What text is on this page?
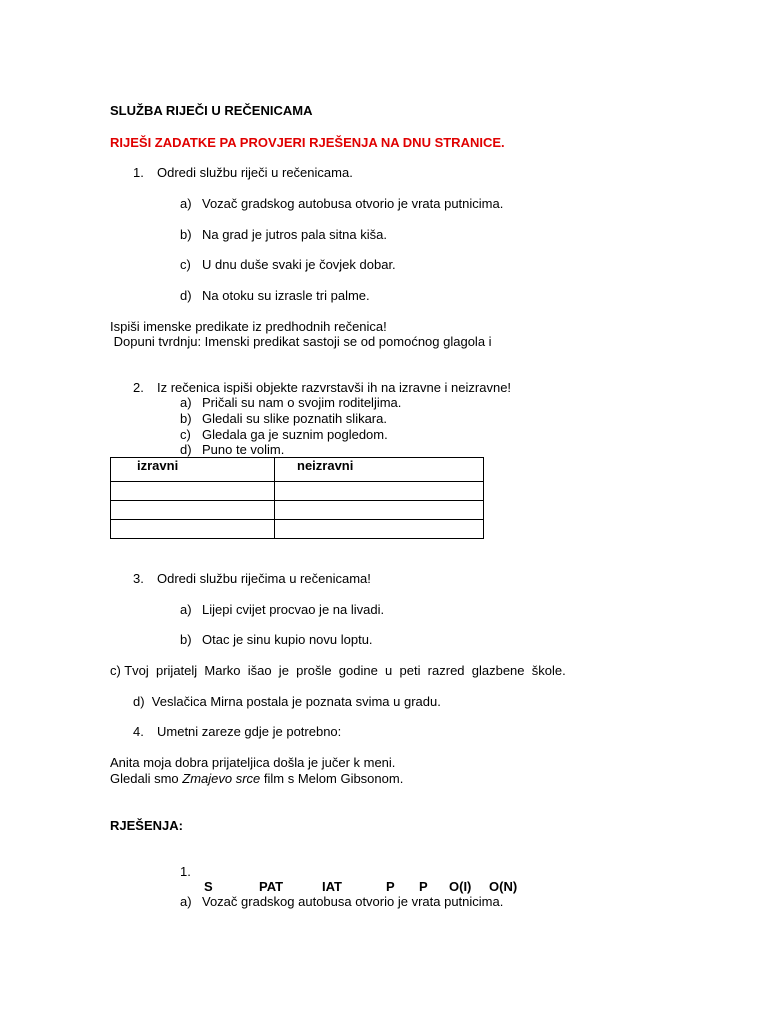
SLUŽBA RIJEČI U REČENICAMA
RIJEŠI ZADATKE PA PROVJERI RJEŠENJA NA DNU STRANICE.
1. Odredi službu riječi u rečenicama.
a) Vozač gradskog autobusa otvorio je vrata putnicima.
b) Na grad je jutros pala sitna kiša.
c) U dnu duše svaki je čovjek dobar.
d) Na otoku su izrasle tri palme.
Ispiši imenske predikate iz predhodnih rečenica!
Dopuni tvrdnju: Imenski predikat sastoji se od pomoćnog glagola i
2. Iz rečenica ispiši objekte razvrstavši ih na izravne i neizravne!
a) Pričali su nam o svojim roditeljima.
b) Gledali su slike poznatih slikara.
c) Gledala ga je suznim pogledom.
d) Puno te volim.
izravni	neizravni

3. Odredi službu riječima u rečenicama!
a) Lijepi cvijet procvao je na livadi.
b) Otac je sinu kupio novu loptu.
c) Tvoj  prijatelj  Marko  išao  je  prošle  godine  u  peti  razred  glazbene  škole.
d)  Veslačica Mirna postala je poznata svima u gradu.
4. Umetni zareze gdje je potrebno:
Anita moja dobra prijateljica došla je jučer k meni.
Gledali smo Zmajevo srce film s Melom Gibsonom.
RJEŠENJA:
1.
S	PAT	IAT	P P O(I) O(N)
a) Vozač gradskog autobusa otvorio je vrata putnicima.
